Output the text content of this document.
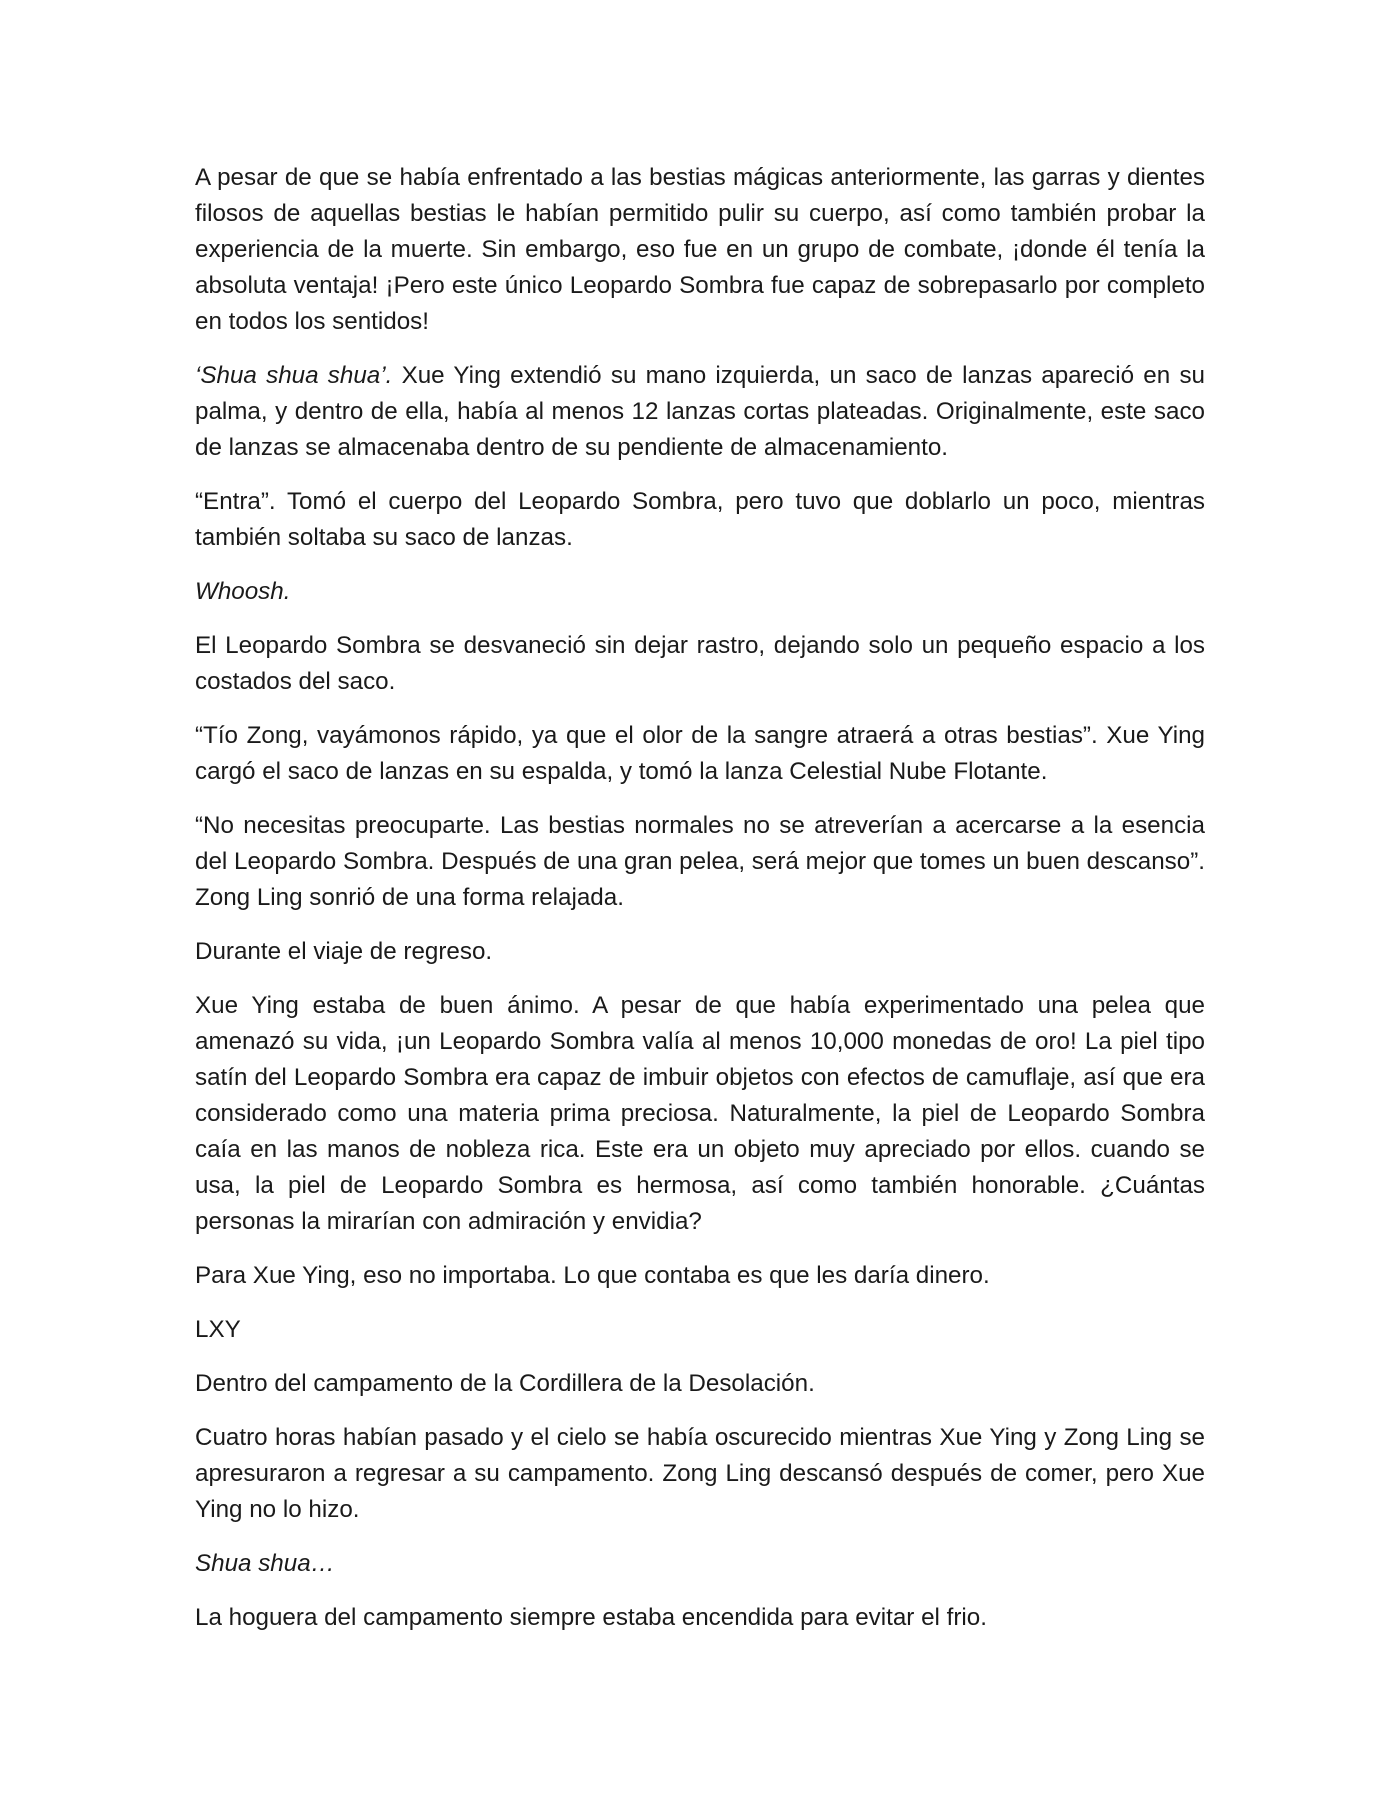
A pesar de que se había enfrentado a las bestias mágicas anteriormente, las garras y dientes filosos de aquellas bestias le habían permitido pulir su cuerpo, así como también probar la experiencia de la muerte. Sin embargo, eso fue en un grupo de combate, ¡donde él tenía la absoluta ventaja! ¡Pero este único Leopardo Sombra fue capaz de sobrepasarlo por completo en todos los sentidos!

‘Shua shua shua’. Xue Ying extendió su mano izquierda, un saco de lanzas apareció en su palma, y dentro de ella, había al menos 12 lanzas cortas plateadas. Originalmente, este saco de lanzas se almacenaba dentro de su pendiente de almacenamiento.

“Entra”. Tomó el cuerpo del Leopardo Sombra, pero tuvo que doblarlo un poco, mientras también soltaba su saco de lanzas.

Whoosh.

El Leopardo Sombra se desvaneció sin dejar rastro, dejando solo un pequeño espacio a los costados del saco.

“Tío Zong, vayámonos rápido, ya que el olor de la sangre atraerá a otras bestias”. Xue Ying cargó el saco de lanzas en su espalda, y tomó la lanza Celestial Nube Flotante.

“No necesitas preocuparte. Las bestias normales no se atreverían a acercarse a la esencia del Leopardo Sombra. Después de una gran pelea, será mejor que tomes un buen descanso”. Zong Ling sonrió de una forma relajada.

Durante el viaje de regreso.

Xue Ying estaba de buen ánimo. A pesar de que había experimentado una pelea que amenazó su vida, ¡un Leopardo Sombra valía al menos 10,000 monedas de oro! La piel tipo satín del Leopardo Sombra era capaz de imbuir objetos con efectos de camuflaje, así que era considerado como una materia prima preciosa. Naturalmente, la piel de Leopardo Sombra caía en las manos de nobleza rica. Este era un objeto muy apreciado por ellos. cuando se usa, la piel de Leopardo Sombra es hermosa, así como también honorable. ¿Cuántas personas la mirarían con admiración y envidia?

Para Xue Ying, eso no importaba. Lo que contaba es que les daría dinero.

LXY

Dentro del campamento de la Cordillera de la Desolación.

Cuatro horas habían pasado y el cielo se había oscurecido mientras Xue Ying y Zong Ling se apresuraron a regresar a su campamento. Zong Ling descansó después de comer, pero Xue Ying no lo hizo.

Shua shua…

La hoguera del campamento siempre estaba encendida para evitar el frio.
